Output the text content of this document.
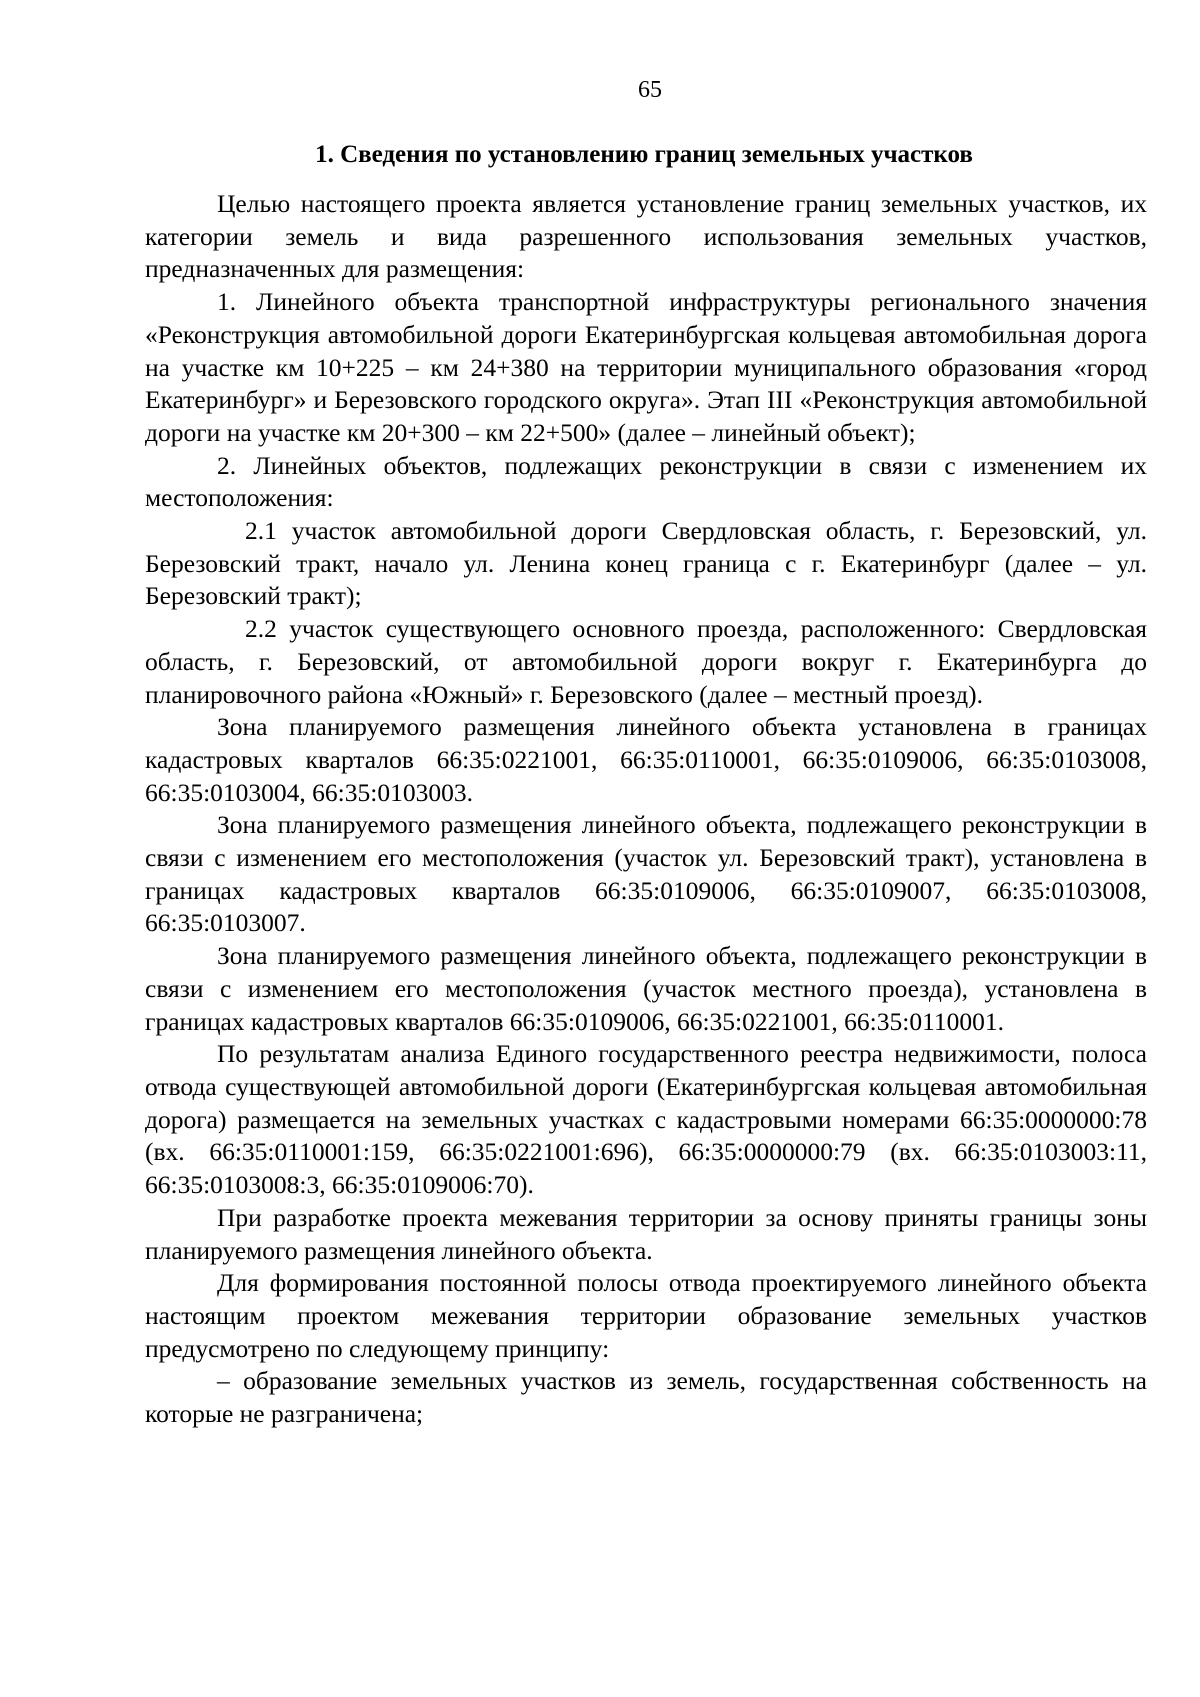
65
1. Сведения по установлению границ земельных участков

Целью настоящего проекта является установление границ земельных участков, их категории земель и вида разрешенного использования земельных участков, предназначенных для размещения:

1. Линейного объекта транспортной инфраструктуры регионального значения «Реконструкция автомобильной дороги Екатеринбургская кольцевая автомобильная дорога на участке км 10+225 – км 24+380 на территории муниципального образования «город Екатеринбург» и Березовского городского округа». Этап III «Реконструкция автомобильной дороги на участке км 20+300 – км 22+500» (далее – линейный объект);

2. Линейных объектов, подлежащих реконструкции в связи с изменением их местоположения:

2.1 участок автомобильной дороги Свердловская область, г. Березовский, ул. Березовский тракт, начало ул. Ленина конец граница с г. Екатеринбург (далее – ул. Березовский тракт);

2.2 участок существующего основного проезда, расположенного: Свердловская область, г. Березовский, от автомобильной дороги вокруг г. Екатеринбурга до планировочного района «Южный» г. Березовского (далее – местный проезд).

Зона планируемого размещения линейного объекта установлена в границах кадастровых кварталов 66:35:0221001, 66:35:0110001, 66:35:0109006, 66:35:0103008, 66:35:0103004, 66:35:0103003.

Зона планируемого размещения линейного объекта, подлежащего реконструкции в связи с изменением его местоположения (участок ул. Березовский тракт), установлена в границах кадастровых кварталов 66:35:0109006, 66:35:0109007, 66:35:0103008, 66:35:0103007.

Зона планируемого размещения линейного объекта, подлежащего реконструкции в связи с изменением его местоположения (участок местного проезда), установлена в границах кадастровых кварталов 66:35:0109006, 66:35:0221001, 66:35:0110001.

По результатам анализа Единого государственного реестра недвижимости, полоса отвода существующей автомобильной дороги (Екатеринбургская кольцевая автомобильная дорога) размещается на земельных участках с кадастровыми номерами 66:35:0000000:78 (вх. 66:35:0110001:159, 66:35:0221001:696), 66:35:0000000:79 (вх. 66:35:0103003:11, 66:35:0103008:3, 66:35:0109006:70).

При разработке проекта межевания территории за основу приняты границы зоны планируемого размещения линейного объекта.

Для формирования постоянной полосы отвода проектируемого линейного объекта настоящим проектом межевания территории образование земельных участков предусмотрено по следующему принципу:

– образование земельных участков из земель, государственная собственность на которые не разграничена;
